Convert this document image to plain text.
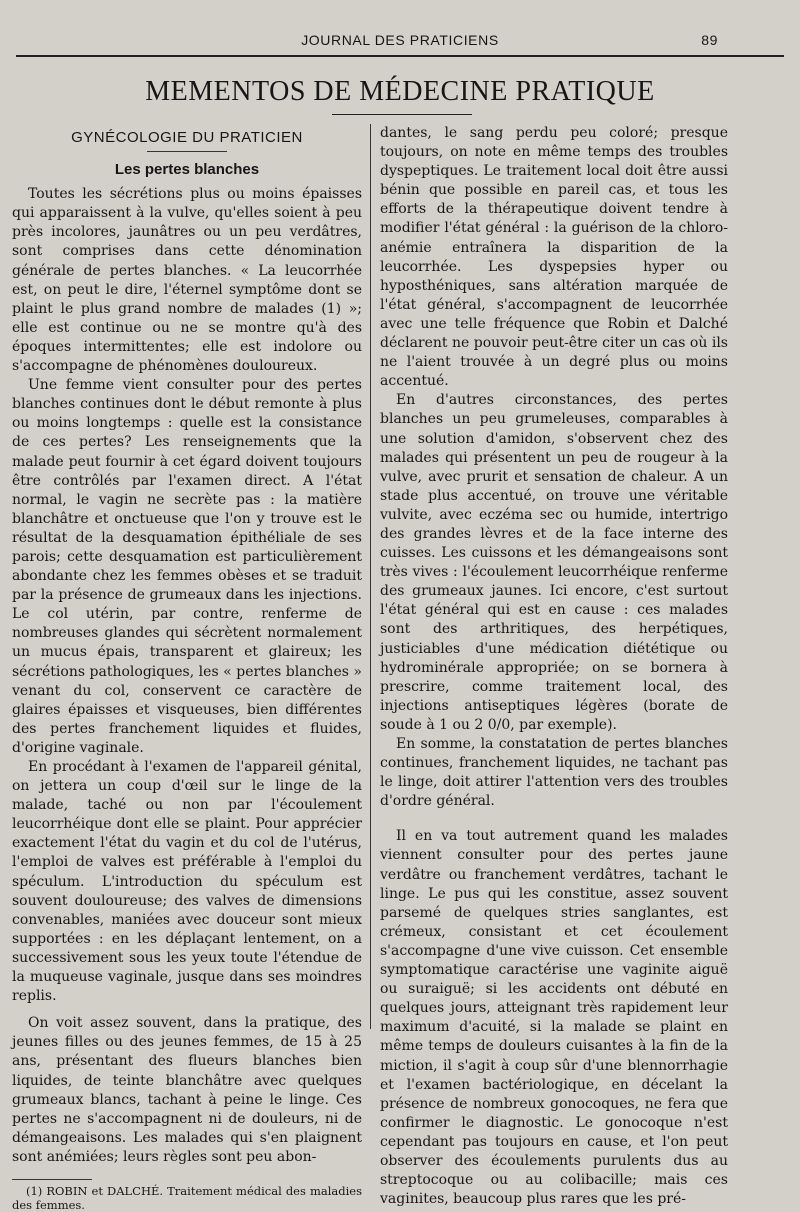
JOURNAL DES PRATICIENS	89
MEMENTOS DE MÉDECINE PRATIQUE
GYNÉCOLOGIE DU PRATICIEN
Les pertes blanches

Toutes les sécrétions plus ou moins épaisses qui apparaissent à la vulve, qu'elles soient à peu près incolores, jaunâtres ou un peu verdâtres, sont comprises dans cette dénomination générale de pertes blanches. « La leucorrhée est, on peut le dire, l'éternel symptôme dont se plaint le plus grand nombre de malades (1) »; elle est continue ou ne se montre qu'à des époques intermittentes; elle est indolore ou s'accompagne de phénomènes douloureux.

Une femme vient consulter pour des pertes blanches continues dont le début remonte à plus ou moins longtemps : quelle est la consistance de ces pertes? Les renseignements que la malade peut fournir à cet égard doivent toujours être contrôlés par l'examen direct. A l'état normal, le vagin ne secrète pas : la matière blanchâtre et onctueuse que l'on y trouve est le résultat de la desquamation épithéliale de ses parois; cette desquamation est particulièrement abondante chez les femmes obèses et se traduit par la présence de grumeaux dans les injections. Le col utérin, par contre, renferme de nombreuses glandes qui sécrètent normalement un mucus épais, transparent et glaireux; les sécrétions pathologiques, les « pertes blanches » venant du col, conservent ce caractère de glaires épaisses et visqueuses, bien différentes des pertes franchement liquides et fluides, d'origine vaginale.

En procédant à l'examen de l'appareil génital, on jettera un coup d'œil sur le linge de la malade, taché ou non par l'écoulement leucorrhéique dont elle se plaint. Pour apprécier exactement l'état du vagin et du col de l'utérus, l'emploi de valves est préférable à l'emploi du spéculum. L'introduction du spéculum est souvent douloureuse; des valves de dimensions convenables, maniées avec douceur sont mieux supportées : en les déplaçant lentement, on a successivement sous les yeux toute l'étendue de la muqueuse vaginale, jusque dans ses moindres replis.

On voit assez souvent, dans la pratique, des jeunes filles ou des jeunes femmes, de 15 à 25 ans, présentant des flueurs blanches bien liquides, de teinte blanchâtre avec quelques grumeaux blancs, tachant à peine le linge. Ces pertes ne s'accompagnent ni de douleurs, ni de démangeaisons. Les malades qui s'en plaignent sont anémiées; leurs règles sont peu abon-

(1) ROBIN et DALCHÉ. Traitement médical des maladies des femmes.

dantes, le sang perdu peu coloré; presque toujours, on note en même temps des troubles dyspeptiques. Le traitement local doit être aussi bénin que possible en pareil cas, et tous les efforts de la thérapeutique doivent tendre à modifier l'état général : la guérison de la chloro-anémie entraînera la disparition de la leucorrhée. Les dyspepsies hyper ou hyposthéniques, sans altération marquée de l'état général, s'accompagnent de leucorrhée avec une telle fréquence que Robin et Dalché déclarent ne pouvoir peut-être citer un cas où ils ne l'aient trouvée à un degré plus ou moins accentué.

En d'autres circonstances, des pertes blanches un peu grumeleuses, comparables à une solution d'amidon, s'observent chez des malades qui présentent un peu de rougeur à la vulve, avec prurit et sensation de chaleur. A un stade plus accentué, on trouve une véritable vulvite, avec eczéma sec ou humide, intertrigo des grandes lèvres et de la face interne des cuisses. Les cuissons et les démangeaisons sont très vives : l'écoulement leucorrhéique renferme des grumeaux jaunes. Ici encore, c'est surtout l'état général qui est en cause : ces malades sont des arthritiques, des herpétiques, justiciables d'une médication diététique ou hydrominérale appropriée; on se bornera à prescrire, comme traitement local, des injections antiseptiques légères (borate de soude à 1 ou 2 0/0, par exemple).

En somme, la constatation de pertes blanches continues, franchement liquides, ne tachant pas le linge, doit attirer l'attention vers des troubles d'ordre général.

Il en va tout autrement quand les malades viennent consulter pour des pertes jaune verdâtre ou franchement verdâtres, tachant le linge. Le pus qui les constitue, assez souvent parsemé de quelques stries sanglantes, est crémeux, consistant et cet écoulement s'accompagne d'une vive cuisson. Cet ensemble symptomatique caractérise une vaginite aiguë ou suraiguë; si les accidents ont débuté en quelques jours, atteignant très rapidement leur maximum d'acuité, si la malade se plaint en même temps de douleurs cuisantes à la fin de la miction, il s'agit à coup sûr d'une blennorrhagie et l'examen bactériologique, en décelant la présence de nombreux gonocoques, ne fera que confirmer le diagnostic. Le gonocoque n'est cependant pas toujours en cause, et l'on peut observer des écoulements purulents dus au streptocoque ou au colibacille; mais ces vaginites, beaucoup plus rares que les pré-
